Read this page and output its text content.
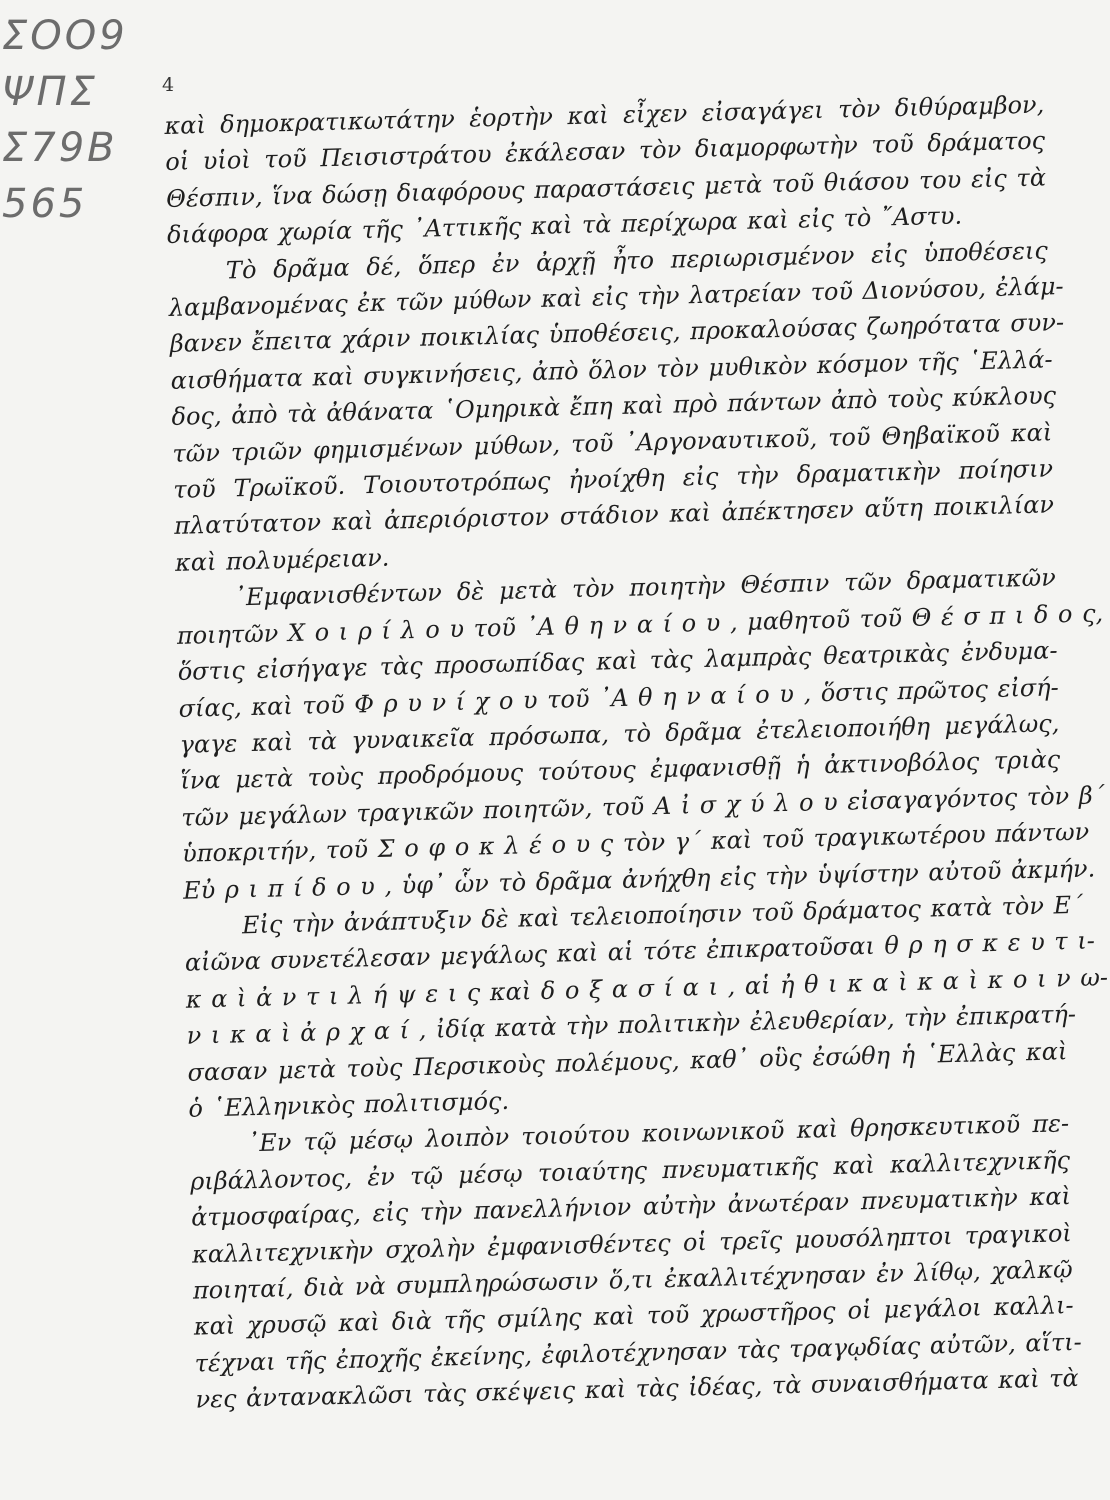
ΣΟΟ9
ΨΠΣ
Σ79Β
565
4
καὶ δημοκρατικωτάτην ἑορτὴν καὶ εἶχεν εἰσαγάγει τὸν διθύραμβον,
οἱ υἱοὶ τοῦ Πεισιστράτου ἐκάλεσαν τὸν διαμορφωτὴν τοῦ δράματος
Θέσπιν, ἵνα δώσῃ διαφόρους παραστάσεις μετὰ τοῦ θιάσου του εἰς τὰ
διάφορα χωρία τῆς ᾿Αττικῆς καὶ τὰ περίχωρα καὶ εἰς τὸ ῎Αστυ.
Τὸ δρᾶμα δέ, ὅπερ ἐν ἀρχῇ ἦτο περιωρισμένον εἰς ὑποθέσεις
λαμβανομένας ἐκ τῶν μύθων καὶ εἰς τὴν λατρείαν τοῦ Διονύσου, ἐλάμ-
βανεν ἔπειτα χάριν ποικιλίας ὑποθέσεις, προκαλούσας ζωηρότατα συν-
αισθήματα καὶ συγκινήσεις, ἀπὸ ὅλον τὸν μυθικὸν κόσμον τῆς ῾Ελλά-
δος, ἀπὸ τὰ ἀθάνατα ῾Ομηρικὰ ἔπη καὶ πρὸ πάντων ἀπὸ τοὺς κύκλους
τῶν τριῶν φημισμένων μύθων, τοῦ ᾿Αργοναυτικοῦ, τοῦ Θηβαϊκοῦ καὶ
τοῦ Τρωϊκοῦ. Τοιουτοτρόπως ἠνοίχθη εἰς τὴν δραματικὴν ποίησιν
πλατύτατον καὶ ἀπεριόριστον στάδιον καὶ ἀπέκτησεν αὕτη ποικιλίαν
καὶ πολυμέρειαν.
᾿Εμφανισθέντων δὲ μετὰ τὸν ποιητὴν Θέσπιν τῶν δραματικῶν
ποιητῶν Χ ο ι ρ ί λ ο υ τοῦ ᾿Α θ η ν α ί ο υ , μαθητοῦ τοῦ Θ έ σ π ι δ ο ς,
ὅστις εἰσήγαγε τὰς προσωπίδας καὶ τὰς λαμπρὰς θεατρικὰς ἐνδυμα-
σίας, καὶ τοῦ Φ ρ υ ν ί χ ο υ τοῦ ᾿Α θ η ν α ί ο υ , ὅστις πρῶτος εἰσή-
γαγε καὶ τὰ γυναικεῖα πρόσωπα, τὸ δρᾶμα ἐτελειοποιήθη μεγάλως,
ἵνα μετὰ τοὺς προδρόμους τούτους ἐμφανισθῇ ἡ ἀκτινοβόλος τριὰς
τῶν μεγάλων τραγικῶν ποιητῶν, τοῦ Α ἰ σ χ ύ λ ο υ εἰσαγαγόντος τὸν β΄
ὑποκριτήν, τοῦ Σ ο φ ο κ λ έ ο υ ς τὸν γ΄ καὶ τοῦ τραγικωτέρου πάντων
Εὐ ρ ι π ί δ ο υ , ὑφ᾿ ὧν τὸ δρᾶμα ἀνήχθη εἰς τὴν ὑψίστην αὐτοῦ ἀκμήν.
Εἰς τὴν ἀνάπτυξιν δὲ καὶ τελειοποίησιν τοῦ δράματος κατὰ τὸν Ε΄
αἰῶνα συνετέλεσαν μεγάλως καὶ αἱ τότε ἐπικρατοῦσαι θ ρ η σ κ ε υ τ ι-
κ α ὶ ἀ ν τ ι λ ή ψ ε ι ς καὶ δ ο ξ α σ ί α ι , αἱ ἠ θ ι κ α ὶ κ α ὶ κ ο ι ν ω-
ν ι κ α ὶ ἀ ρ χ α ί , ἰδίᾳ κατὰ τὴν πολιτικὴν ἐλευθερίαν, τὴν ἐπικρατή-
σασαν μετὰ τοὺς Περσικοὺς πολέμους, καθ᾿ οὓς ἐσώθη ἡ ῾Ελλὰς καὶ
ὁ ῾Ελληνικὸς πολιτισμός.
᾿Εν τῷ μέσῳ λοιπὸν τοιούτου κοινωνικοῦ καὶ θρησκευτικοῦ πε-
ριβάλλοντος, ἐν τῷ μέσῳ τοιαύτης πνευματικῆς καὶ καλλιτεχνικῆς
ἀτμοσφαίρας, εἰς τὴν πανελλήνιον αὐτὴν ἀνωτέραν πνευματικὴν καὶ
καλλιτεχνικὴν σχολὴν ἐμφανισθέντες οἱ τρεῖς μουσόληπτοι τραγικοὶ
ποιηταί, διὰ νὰ συμπληρώσωσιν ὅ,τι ἐκαλλιτέχνησαν ἐν λίθῳ, χαλκῷ
καὶ χρυσῷ καὶ διὰ τῆς σμίλης καὶ τοῦ χρωστῆρος οἱ μεγάλοι καλλι-
τέχναι τῆς ἐποχῆς ἐκείνης, ἐφιλοτέχνησαν τὰς τραγῳδίας αὐτῶν, αἵτι-
νες ἀντανακλῶσι τὰς σκέψεις καὶ τὰς ἰδέας, τὰ συναισθήματα καὶ τὰ
